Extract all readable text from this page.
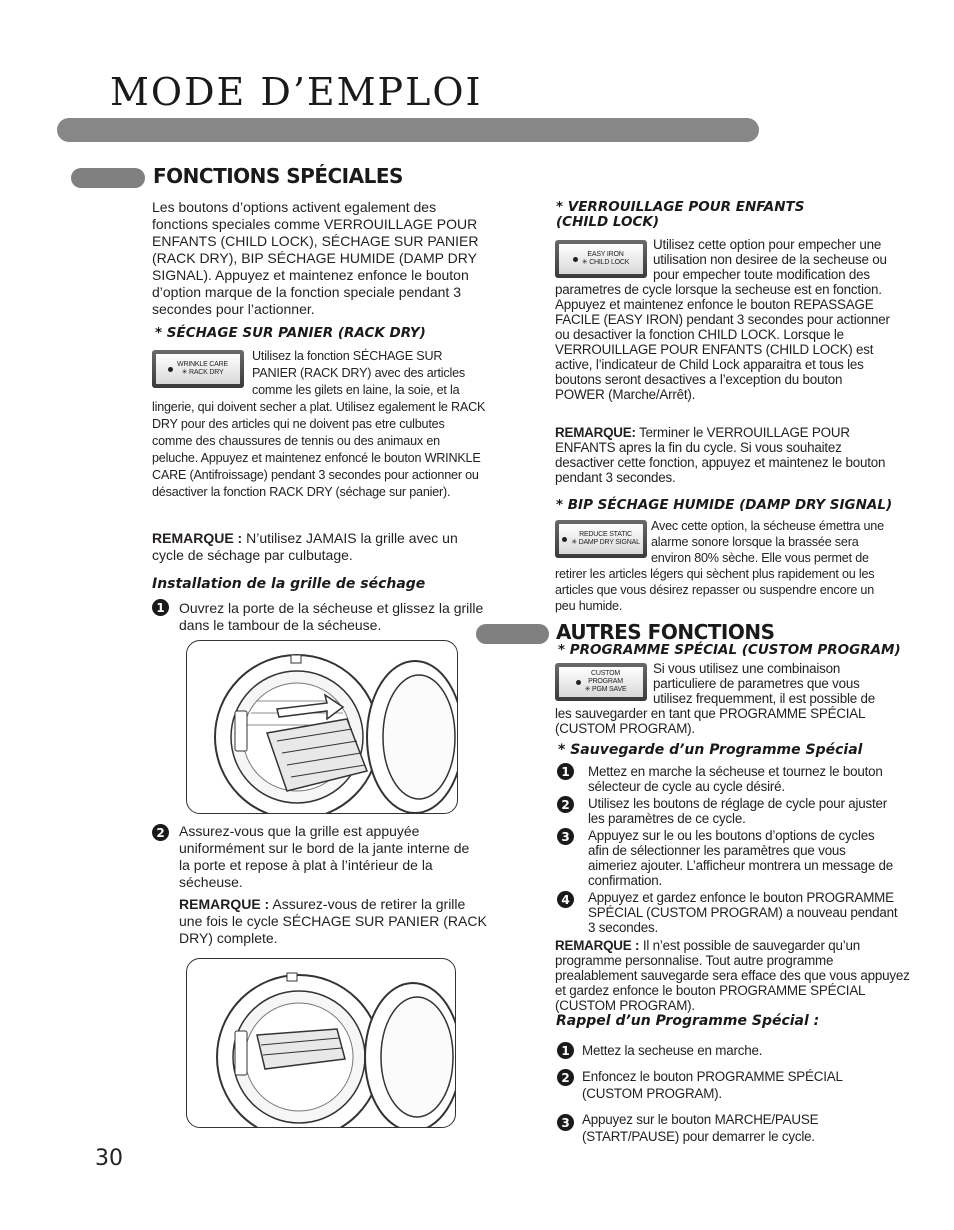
MODE D’EMPLOI
FONCTIONS SPÉCIALES
Les boutons d’options activent egalement des fonctions speciales comme VERROUILLAGE POUR ENFANTS (CHILD LOCK), SÉCHAGE SUR PANIER (RACK DRY), BIP SÉCHAGE HUMIDE (DAMP DRY SIGNAL). Appuyez et maintenez enfonce le bouton d’option marque de la fonction speciale pendant 3 secondes pour l’actionner.
* SÉCHAGE SUR PANIER (RACK DRY)
WRINKLE CARE
✳ RACK DRY
Utilisez la fonction SÉCHAGE SUR PANIER (RACK DRY) avec des articles comme les gilets en laine, la soie, et la lingerie, qui doivent secher a plat. Utilisez egalement le RACK DRY pour des articles qui ne doivent pas etre culbutes comme des chaussures de tennis ou des animaux en peluche. Appuyez et maintenez enfoncé le bouton WRINKLE CARE (Antifroissage) pendant 3 secondes pour actionner ou désactiver la fonction RACK DRY (séchage sur panier).
REMARQUE : N’utilisez JAMAIS la grille avec un cycle de séchage par culbutage.
Installation de la grille de séchage
1	Ouvrez la porte de la sécheuse et glissez la grille dans le tambour de la sécheuse.
2	Assurez-vous que la grille est appuyée uniformément sur le bord de la jante interne de la porte et repose à plat à l’intérieur de la sécheuse.
REMARQUE : Assurez-vous de retirer la grille une fois le cycle SÉCHAGE SUR PANIER (RACK DRY) complete.
* VERROUILLAGE POUR ENFANTS (CHILD LOCK)
EASY IRON
✳ CHILD LOCK
Utilisez cette option pour empecher une utilisation non desiree de la secheuse ou pour empecher toute modification des parametres de cycle lorsque la secheuse est en fonction. Appuyez et maintenez enfonce le bouton REPASSAGE FACILE (EASY IRON) pendant 3 secondes pour actionner ou desactiver la fonction CHILD LOCK. Lorsque le VERROUILLAGE POUR ENFANTS (CHILD LOCK) est active, l’indicateur de Child Lock apparaitra et tous les boutons seront desactives a l’exception du bouton POWER (Marche/Arrêt).
REMARQUE: Terminer le VERROUILLAGE POUR ENFANTS apres la fin du cycle. Si vous souhaitez desactiver cette fonction, appuyez et maintenez le bouton pendant 3 secondes.
* BIP SÉCHAGE HUMIDE (DAMP DRY SIGNAL)
REDUCE STATIC
✳ DAMP DRY SIGNAL
Avec cette option, la sécheuse émettra une alarme sonore lorsque la brassée sera environ 80% sèche. Elle vous permet de retirer les articles légers qui sèchent plus rapidement ou les articles que vous désirez repasser ou suspendre encore un peu humide.
AUTRES FONCTIONS
* PROGRAMME SPÉCIAL (CUSTOM PROGRAM)
CUSTOM
PROGRAM
✳ PGM SAVE
Si vous utilisez une combinaison particuliere de parametres que vous utilisez frequemment, il est possible de les sauvegarder en tant que PROGRAMME SPÉCIAL (CUSTOM PROGRAM).
* Sauvegarde d’un Programme Spécial
1	Mettez en marche la sécheuse et tournez le bouton sélecteur de cycle au cycle désiré.
2	Utilisez les boutons de réglage de cycle pour ajuster les paramètres de ce cycle.
3	Appuyez sur le ou les boutons d’options de cycles afin de sélectionner les paramètres que vous aimeriez ajouter. L’afficheur montrera un message de confirmation.
4	Appuyez et gardez enfonce le bouton PROGRAMME SPÉCIAL (CUSTOM PROGRAM) a nouveau pendant 3 secondes.
REMARQUE : Il n’est possible de sauvegarder qu’un programme personnalise. Tout autre programme prealablement sauvegarde sera efface des que vous appuyez et gardez enfonce le bouton PROGRAMME SPÉCIAL (CUSTOM PROGRAM).
Rappel d’un Programme Spécial :
1 Mettez la secheuse en marche.
2 Enfoncez le bouton PROGRAMME SPÉCIAL (CUSTOM PROGRAM).
3 Appuyez sur le bouton MARCHE/PAUSE (START/PAUSE) pour demarrer le cycle.
30
